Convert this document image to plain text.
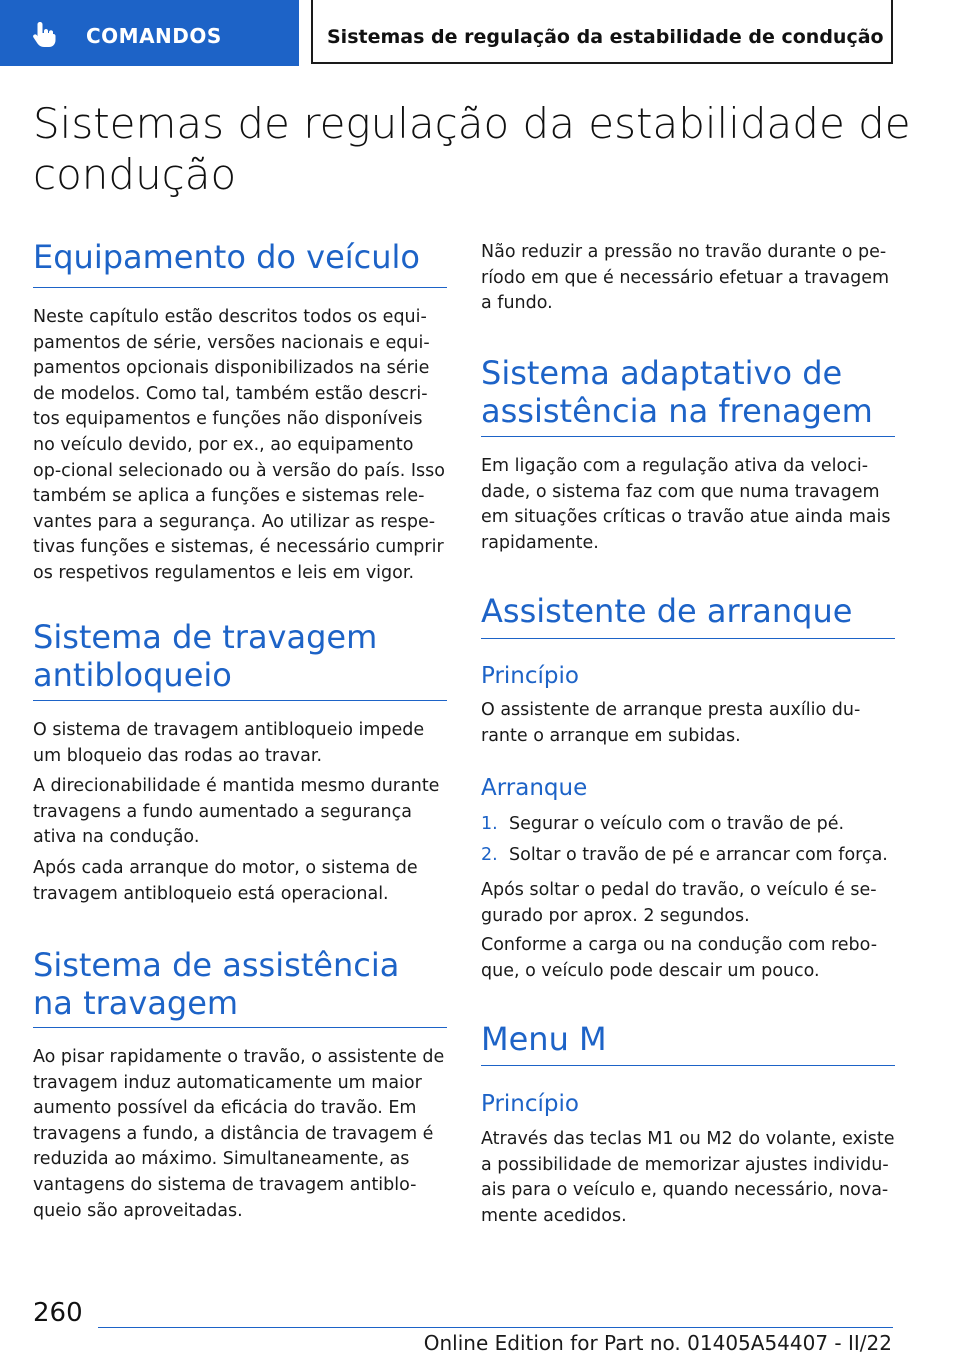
COMANDOS	Sistemas de regulação da estabilidade de condução
Sistemas de regulação da estabilidade de condução
Equipamento do veículo

Neste capítulo estão descritos todos os equi-pamentos de série, versões nacionais e equi-pamentos opcionais disponibilizados na série de modelos. Como tal, também estão descri-tos equipamentos e funções não disponíveis no veículo devido, por ex., ao equipamento op-cional selecionado ou à versão do país. Isso também se aplica a funções e sistemas rele-vantes para a segurança. Ao utilizar as respe-tivas funções e sistemas, é necessário cumprir os respetivos regulamentos e leis em vigor.

Sistema de travagem antibloqueio

O sistema de travagem antibloqueio impede um bloqueio das rodas ao travar.

A direcionabilidade é mantida mesmo durante travagens a fundo aumentado a segurança ativa na condução.

Após cada arranque do motor, o sistema de travagem antibloqueio está operacional.

Sistema de assistência na travagem

Ao pisar rapidamente o travão, o assistente de travagem induz automaticamente um maior aumento possível da eficácia do travão. Em travagens a fundo, a distância de travagem é reduzida ao máximo. Simultaneamente, as vantagens do sistema de travagem antiblo-queio são aproveitadas.

Não reduzir a pressão no travão durante o pe-ríodo em que é necessário efetuar a travagem a fundo.

Sistema adaptativo de assistência na frenagem

Em ligação com a regulação ativa da veloci-dade, o sistema faz com que numa travagem em situações críticas o travão atue ainda mais rapidamente.

Assistente de arranque
Princípio

O assistente de arranque presta auxílio du-rante o arranque em subidas.

Arranque
1. Segurar o veículo com o travão de pé.
2. Soltar o travão de pé e arrancar com força.

Após soltar o pedal do travão, o veículo é se-gurado por aprox. 2 segundos.

Conforme a carga ou na condução com rebo-que, o veículo pode descair um pouco.

Menu M
Princípio

Através das teclas M1 ou M2 do volante, existe a possibilidade de memorizar ajustes individu-ais para o veículo e, quando necessário, nova-mente acedidos.

260
Online Edition for Part no. 01405A54407 - II/22
